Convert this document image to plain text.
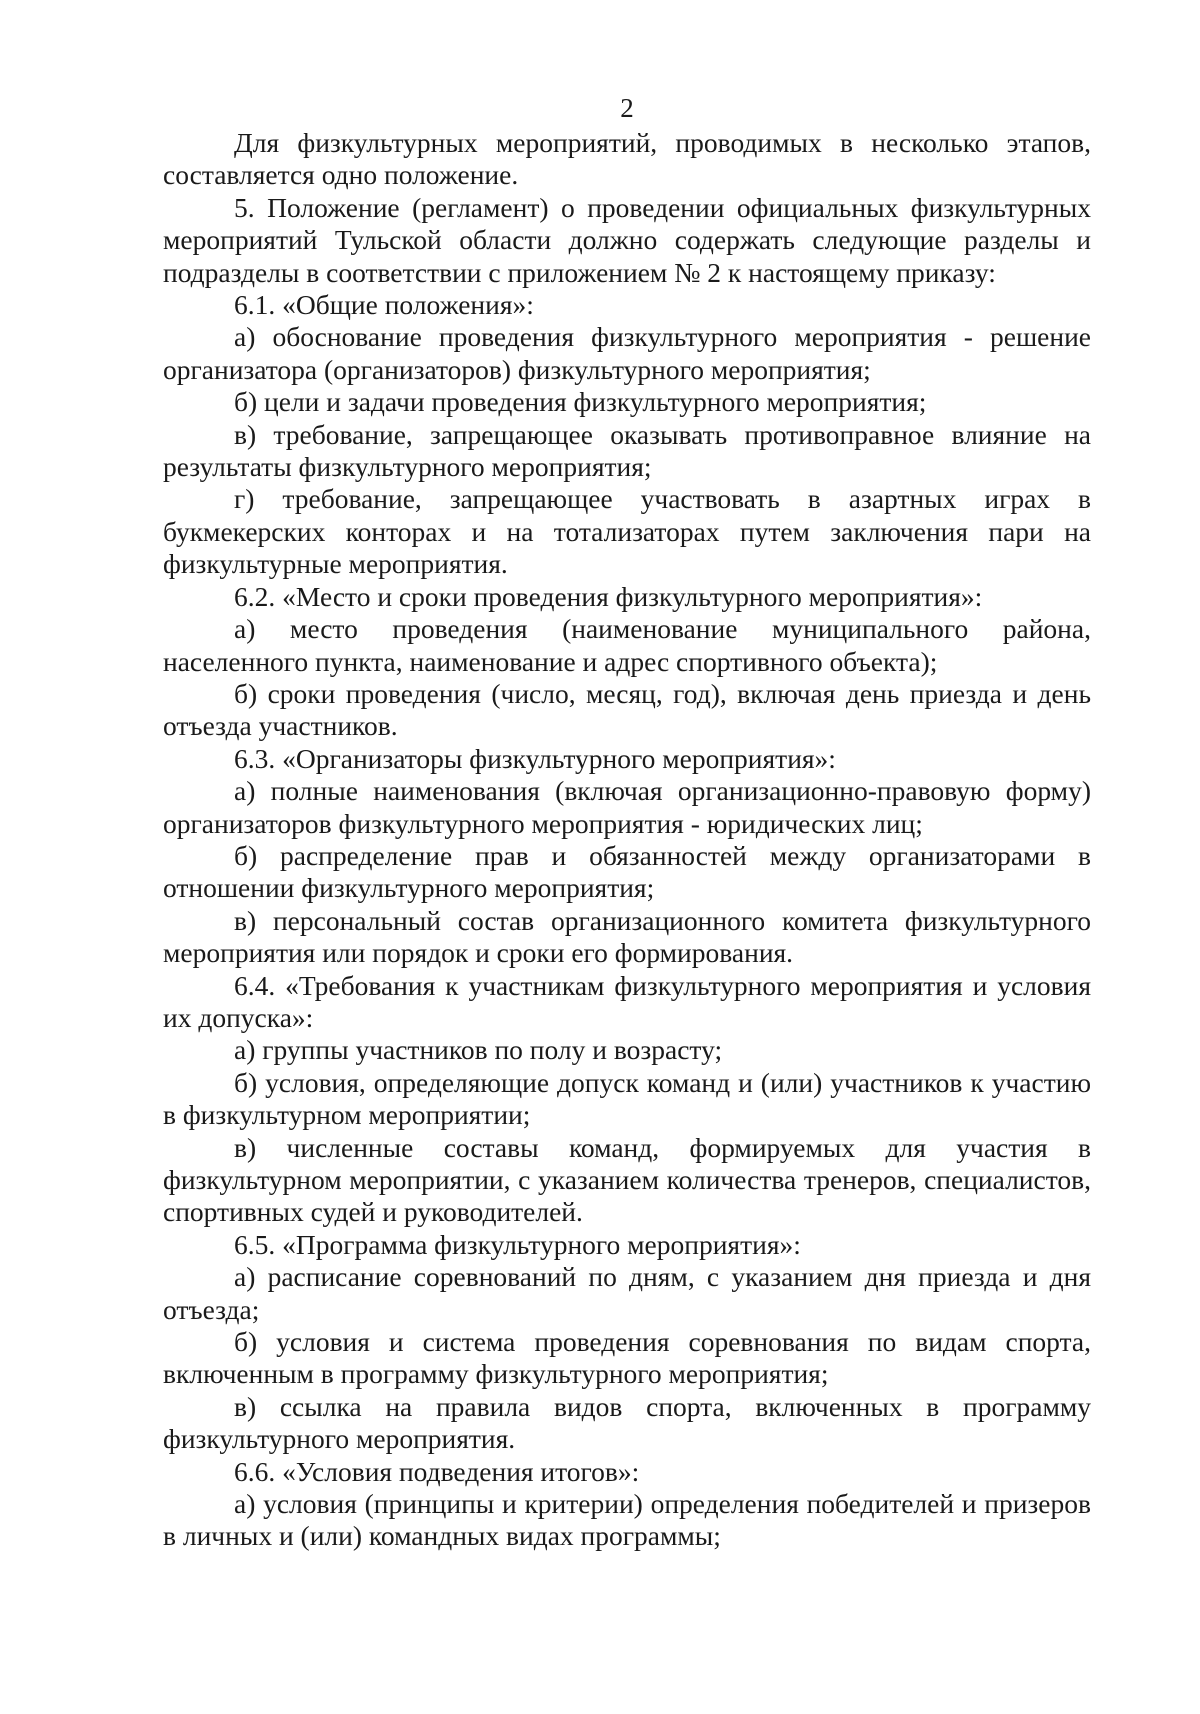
2

Для физкультурных мероприятий, проводимых в несколько этапов, составляется одно положение.

5. Положение (регламент) о проведении официальных физкультурных мероприятий Тульской области должно содержать следующие разделы и подразделы в соответствии с приложением № 2 к настоящему приказу:

6.1. «Общие положения»:

а) обоснование проведения физкультурного мероприятия - решение организатора (организаторов) физкультурного мероприятия;

б) цели и задачи проведения физкультурного мероприятия;

в) требование, запрещающее оказывать противоправное влияние на результаты физкультурного мероприятия;

г) требование, запрещающее участвовать в азартных играх в букмекерских конторах и на тотализаторах путем заключения пари на физкультурные мероприятия.

6.2. «Место и сроки проведения физкультурного мероприятия»:

а) место проведения (наименование муниципального района, населенного пункта, наименование и адрес спортивного объекта);

б) сроки проведения (число, месяц, год), включая день приезда и день отъезда участников.

6.3. «Организаторы физкультурного мероприятия»:

а) полные наименования (включая организационно-правовую форму) организаторов физкультурного мероприятия - юридических лиц;

б) распределение прав и обязанностей между организаторами в отношении физкультурного мероприятия;

в) персональный состав организационного комитета физкультурного мероприятия или порядок и сроки его формирования.

6.4. «Требования к участникам физкультурного мероприятия и условия их допуска»:

а) группы участников по полу и возрасту;

б) условия, определяющие допуск команд и (или) участников к участию в физкультурном мероприятии;

в) численные составы команд, формируемых для участия в физкультурном мероприятии, с указанием количества тренеров, специалистов, спортивных судей и руководителей.

6.5. «Программа физкультурного мероприятия»:

а) расписание соревнований по дням, с указанием дня приезда и дня отъезда;

б) условия и система проведения соревнования по видам спорта, включенным в программу физкультурного мероприятия;

в) ссылка на правила видов спорта, включенных в программу физкультурного мероприятия.

6.6. «Условия подведения итогов»:

а) условия (принципы и критерии) определения победителей и призеров в личных и (или) командных видах программы;
